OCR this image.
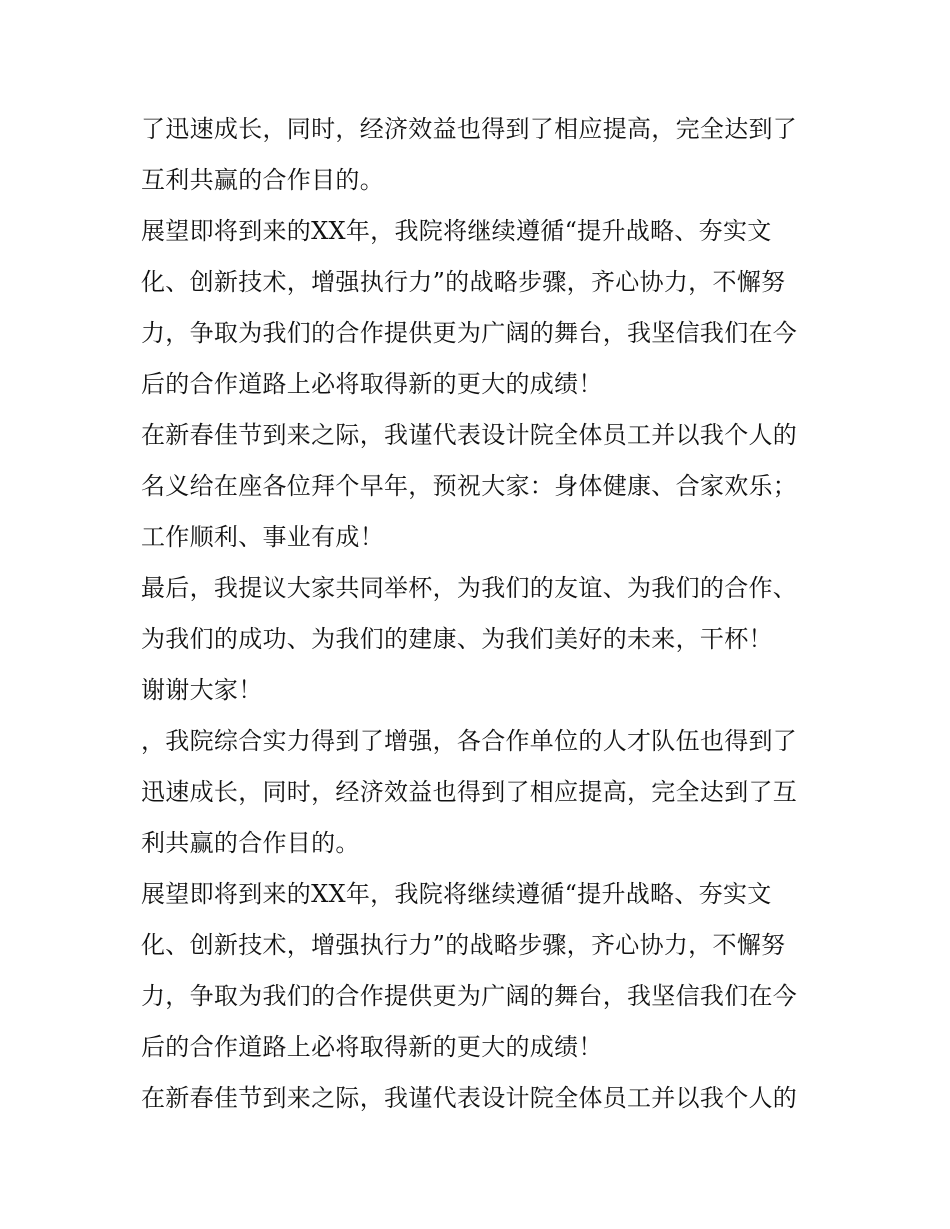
了迅速成长，同时，经济效益也得到了相应提高，完全达到了
互利共赢的合作目的。
展望即将到来的XX年，我院将继续遵循“提升战略、夯实文
化、创新技术，增强执行力”的战略步骤，齐心协力，不懈努
力，争取为我们的合作提供更为广阔的舞台，我坚信我们在今
后的合作道路上必将取得新的更大的成绩！
在新春佳节到来之际，我谨代表设计院全体员工并以我个人的
名义给在座各位拜个早年，预祝大家：身体健康、合家欢乐；
工作顺利、事业有成！
最后，我提议大家共同举杯，为我们的友谊、为我们的合作、
为我们的成功、为我们的建康、为我们美好的未来，干杯！
谢谢大家！
，我院综合实力得到了增强，各合作单位的人才队伍也得到了
迅速成长，同时，经济效益也得到了相应提高，完全达到了互
利共赢的合作目的。
展望即将到来的XX年，我院将继续遵循“提升战略、夯实文
化、创新技术，增强执行力”的战略步骤，齐心协力，不懈努
力，争取为我们的合作提供更为广阔的舞台，我坚信我们在今
后的合作道路上必将取得新的更大的成绩！
在新春佳节到来之际，我谨代表设计院全体员工并以我个人的
